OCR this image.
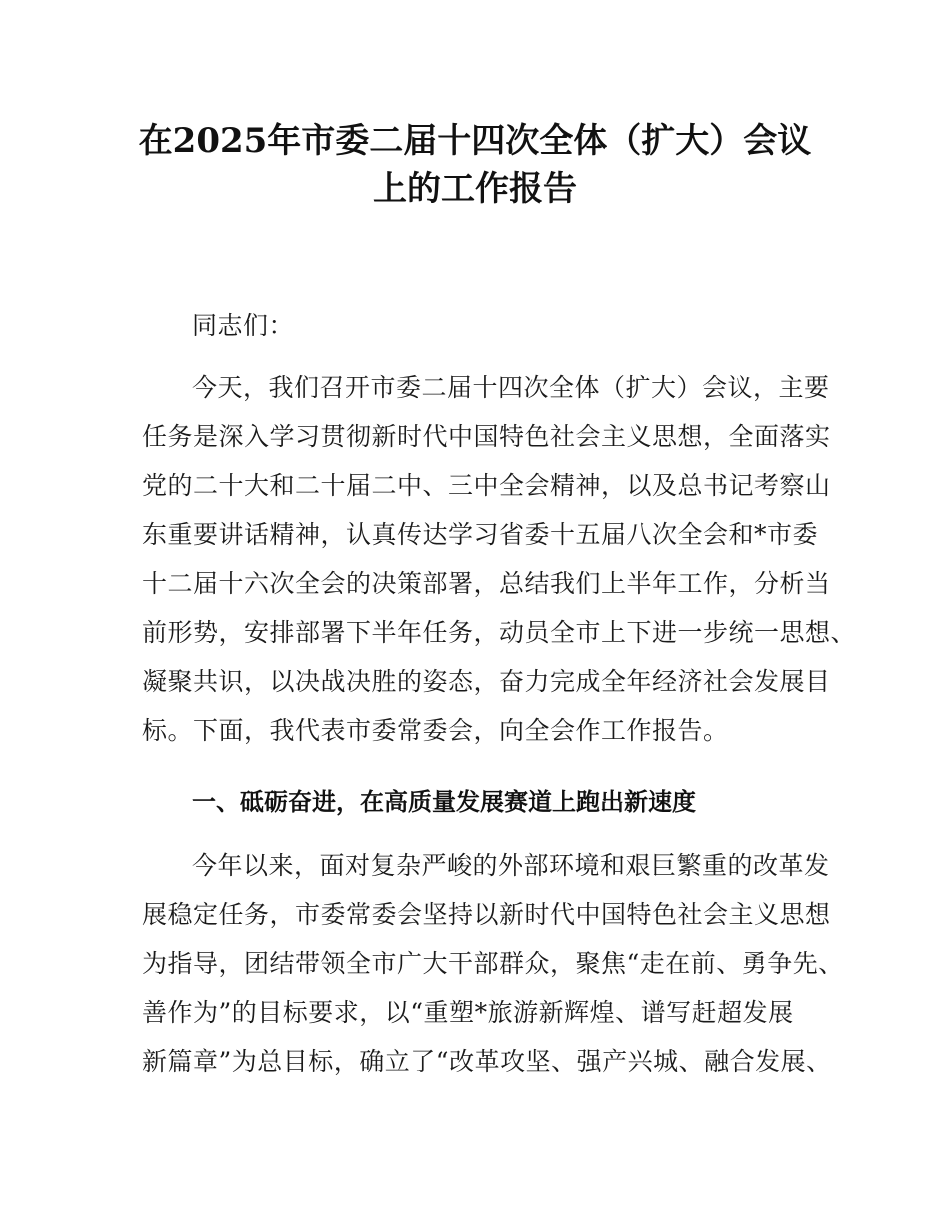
在2025年市委二届十四次全体（扩大）会议
上的工作报告
同志们：
今天，我们召开市委二届十四次全体（扩大）会议，主要
任务是深入学习贯彻新时代中国特色社会主义思想，全面落实
党的二十大和二十届二中、三中全会精神，以及总书记考察山
东重要讲话精神，认真传达学习省委十五届八次全会和*市委
十二届十六次全会的决策部署，总结我们上半年工作，分析当
前形势，安排部署下半年任务，动员全市上下进一步统一思想、
凝聚共识，以决战决胜的姿态，奋力完成全年经济社会发展目
标。下面，我代表市委常委会，向全会作工作报告。
一、砥砺奋进，在高质量发展赛道上跑出新速度
今年以来，面对复杂严峻的外部环境和艰巨繁重的改革发
展稳定任务，市委常委会坚持以新时代中国特色社会主义思想
为指导，团结带领全市广大干部群众，聚焦“走在前、勇争先、
善作为”的目标要求，以“重塑*旅游新辉煌、谱写赶超发展
新篇章”为总目标，确立了“改革攻坚、强产兴城、融合发展、
